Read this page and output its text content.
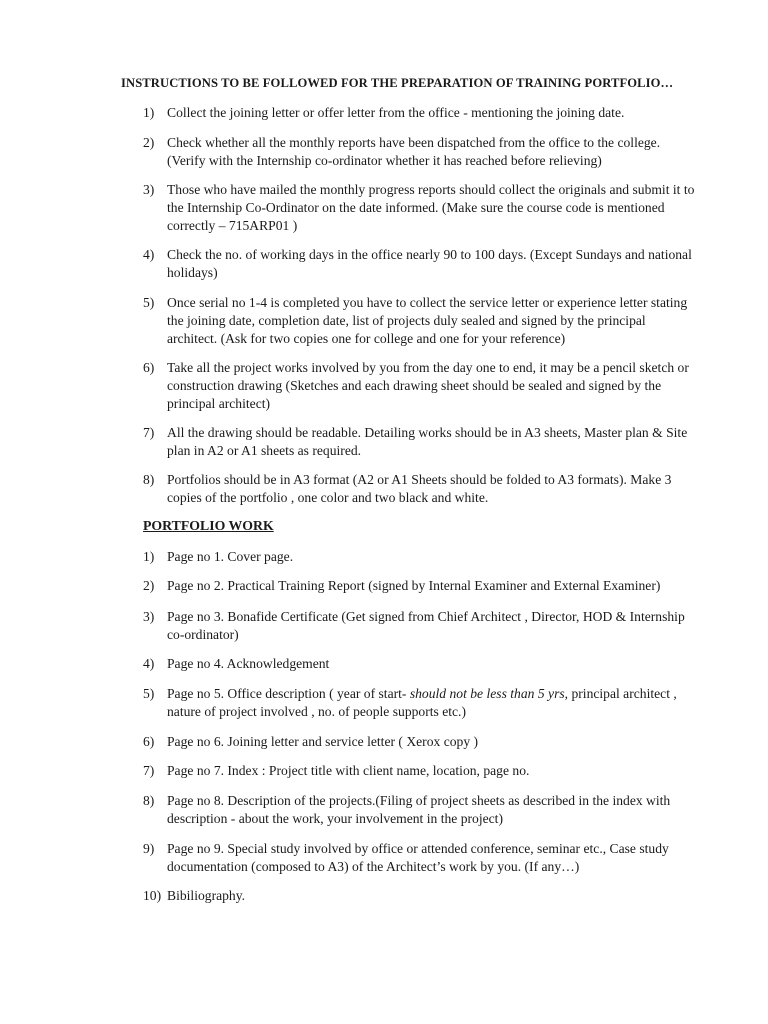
INSTRUCTIONS TO BE FOLLOWED FOR THE PREPARATION OF TRAINING PORTFOLIO…
1) Collect the joining letter or offer letter from the office - mentioning the joining date.
2) Check whether all the monthly reports have been dispatched from the office to the college.
(Verify with the Internship co-ordinator whether it has reached before relieving)
3) Those who have mailed the monthly progress reports should collect the originals and submit it to
the Internship Co-Ordinator on the date informed. (Make sure the course code is mentioned
correctly – 715ARP01 )
4) Check the no. of working days in the office nearly 90 to 100 days. (Except Sundays and national
holidays)
5) Once serial no 1-4 is completed you have to collect the service letter or experience letter stating
the joining date, completion date, list of projects duly sealed and signed by the principal
architect. (Ask for two copies one for college and one for your reference)
6) Take all the project works involved by you from the day one to end, it may be a pencil sketch or
construction drawing (Sketches and each drawing sheet should be sealed and signed by the
principal architect)
7) All the drawing should be readable. Detailing works should be in A3 sheets, Master plan & Site
plan in A2 or A1 sheets as required.
8) Portfolios should be in A3 format (A2 or A1 Sheets should be folded to A3 formats). Make 3
copies of the portfolio , one color and two black and white.
PORTFOLIO WORK
1) Page no 1. Cover page.
2) Page no 2. Practical Training Report (signed by Internal Examiner and External Examiner)
3) Page no 3. Bonafide Certificate (Get signed from Chief Architect , Director, HOD & Internship
co-ordinator)
4) Page no 4. Acknowledgement
5) Page no 5. Office description ( year of start- should not be less than 5 yrs, principal architect ,
nature of project involved , no. of people supports etc.)
6) Page no 6. Joining letter and service letter ( Xerox copy )
7) Page no 7. Index : Project title with client name, location, page no.
8) Page no 8. Description of the projects.(Filing of project sheets as described in the index with
description - about the work, your involvement in the project)
9) Page no 9. Special study involved by office or attended conference, seminar etc., Case study
documentation (composed to A3) of the Architect’s work by you. (If any…)
10) Bibiliography.
